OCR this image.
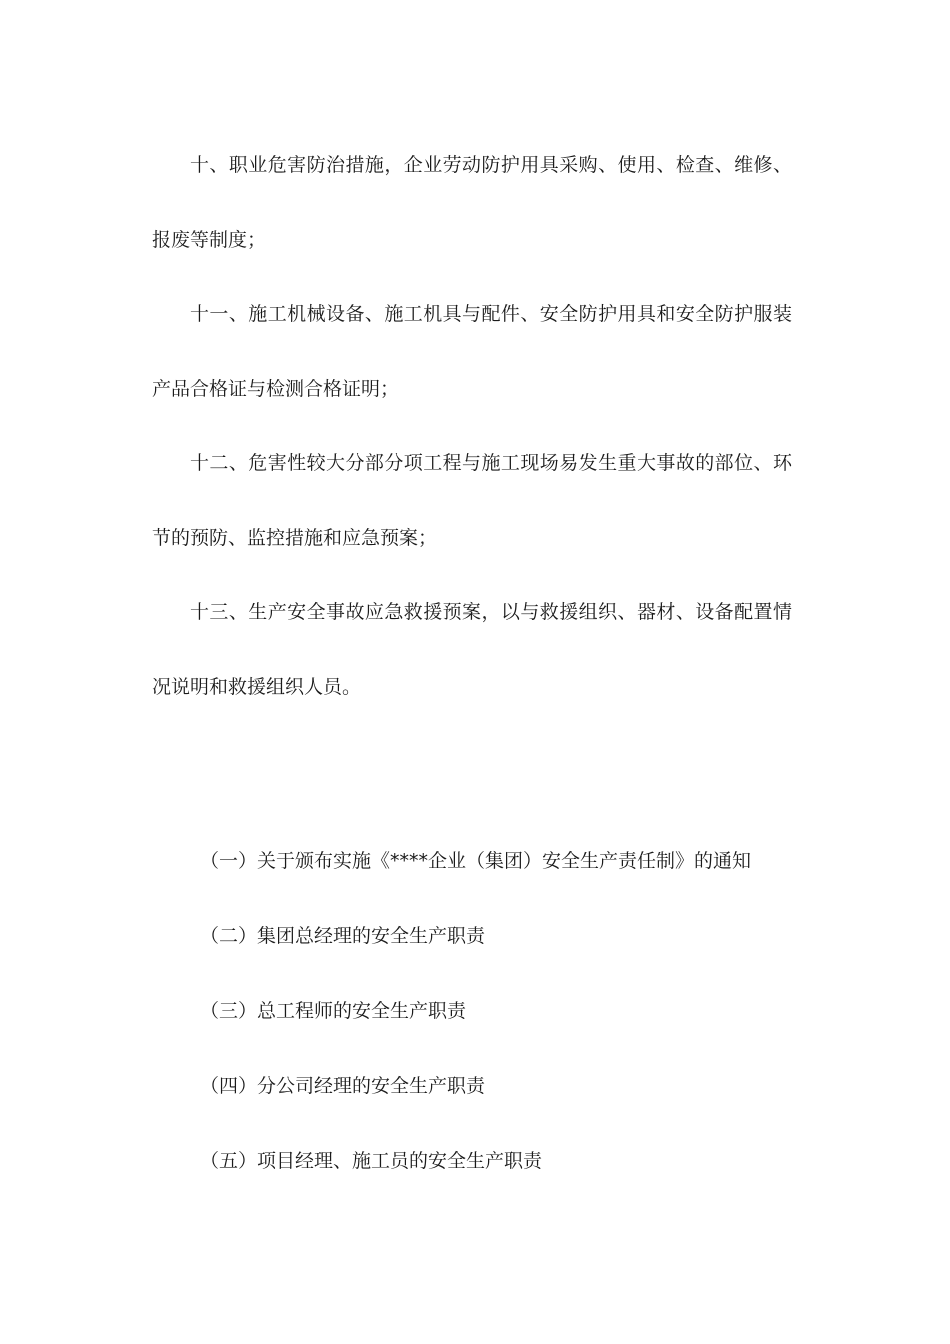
十、职业危害防治措施，企业劳动防护用具采购、使用、检查、维修、报废等制度；

十一、施工机械设备、施工机具与配件、安全防护用具和安全防护服装产品合格证与检测合格证明；

十二、危害性较大分部分项工程与施工现场易发生重大事故的部位、环节的预防、监控措施和应急预案；

十三、生产安全事故应急救援预案，以与救援组织、器材、设备配置情况说明和救援组织人员。

（一）关于颁布实施《****企业（集团）安全生产责任制》的通知

（二）集团总经理的安全生产职责

（三）总工程师的安全生产职责

（四）分公司经理的安全生产职责

（五）项目经理、施工员的安全生产职责
